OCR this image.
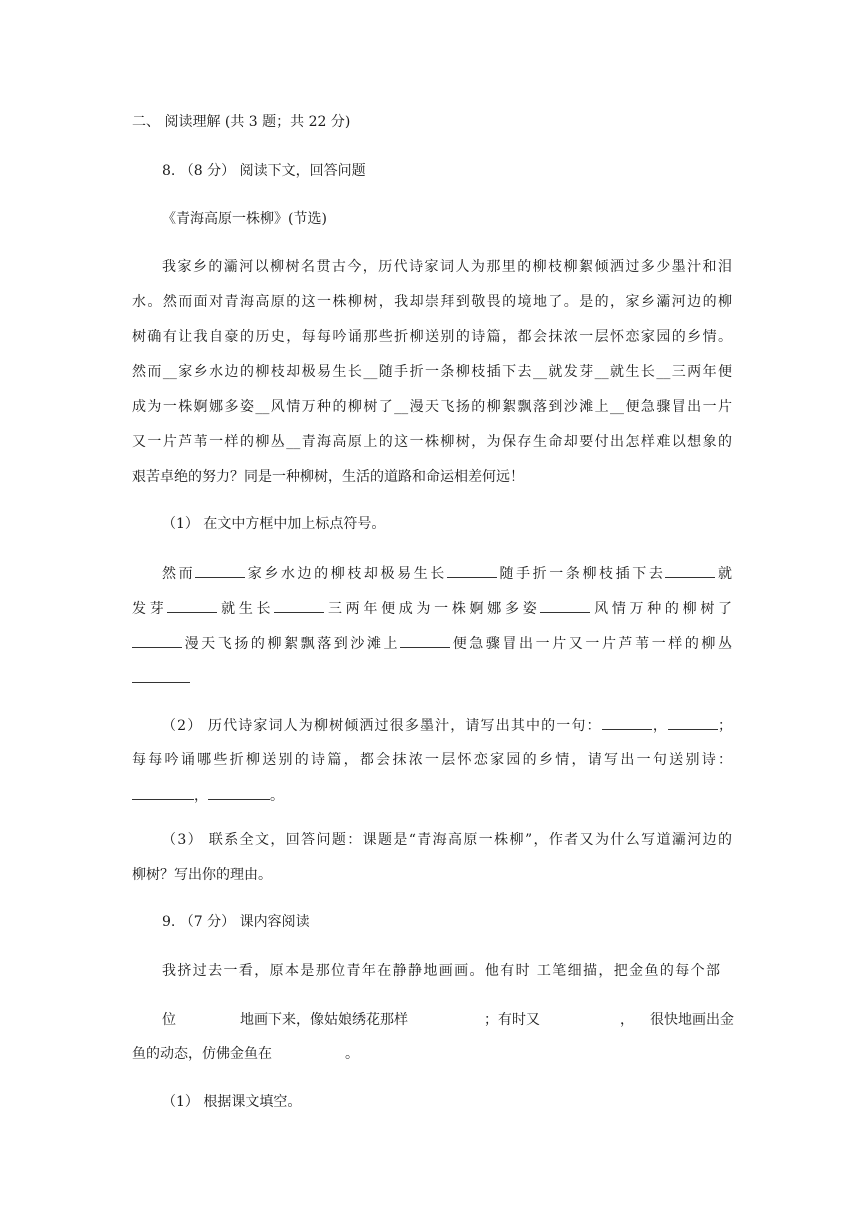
二、 阅读理解 (共 3 题；共 22 分)
8. （8 分） 阅读下文，回答问题
《青海高原一株柳》(节选)
我家乡的灞河以柳树名贯古今，历代诗家词人为那里的柳枝柳絮倾洒过多少墨汁和泪
水。然而面对青海高原的这一株柳树，我却崇拜到敬畏的境地了。是的，家乡灞河边的柳
树确有让我自豪的历史，每每吟诵那些折柳送别的诗篇，都会抹浓一层怀恋家园的乡情。
然而__家乡水边的柳枝却极易生长__随手折一条柳枝插下去__就发芽__就生长__三两年便
成为一株婀娜多姿__风情万种的柳树了__漫天飞扬的柳絮飘落到沙滩上__便急骤冒出一片
又一片芦苇一样的柳丛__青海高原上的这一株柳树，为保存生命却要付出怎样难以想象的
艰苦卓绝的努力？同是一种柳树，生活的道路和命运相差何远！
（1） 在文中方框中加上标点符号。
然而	家乡水边的柳枝却极易生长	随手折一条柳枝插下去	就
发芽	就生长	三两年便成为一株婀娜多姿	风情万种的柳树了
漫天飞扬的柳絮飘落到沙滩上	便急骤冒出一片又一片芦苇一样的柳丛
（2） 历代诗家词人为柳树倾洒过很多墨汁，请写出其中的一句：	，	；
每每吟诵哪些折柳送别的诗篇，都会抹浓一层怀恋家园的乡情，请写出一句送别诗：
，	。
（3） 联系全文，回答问题：课题是“青海高原一株柳”，作者又为什么写道灞河边的
柳树？写出你的理由。
9. （7 分） 课内容阅读
我挤过去一看，原本是那位青年在静静地画画。他有时 工笔细描，把金鱼的每个部
位	地画下来，像姑娘绣花那样	；有时又	， 很快地画出金
鱼的动态，仿佛金鱼在	。
（1） 根据课文填空。
